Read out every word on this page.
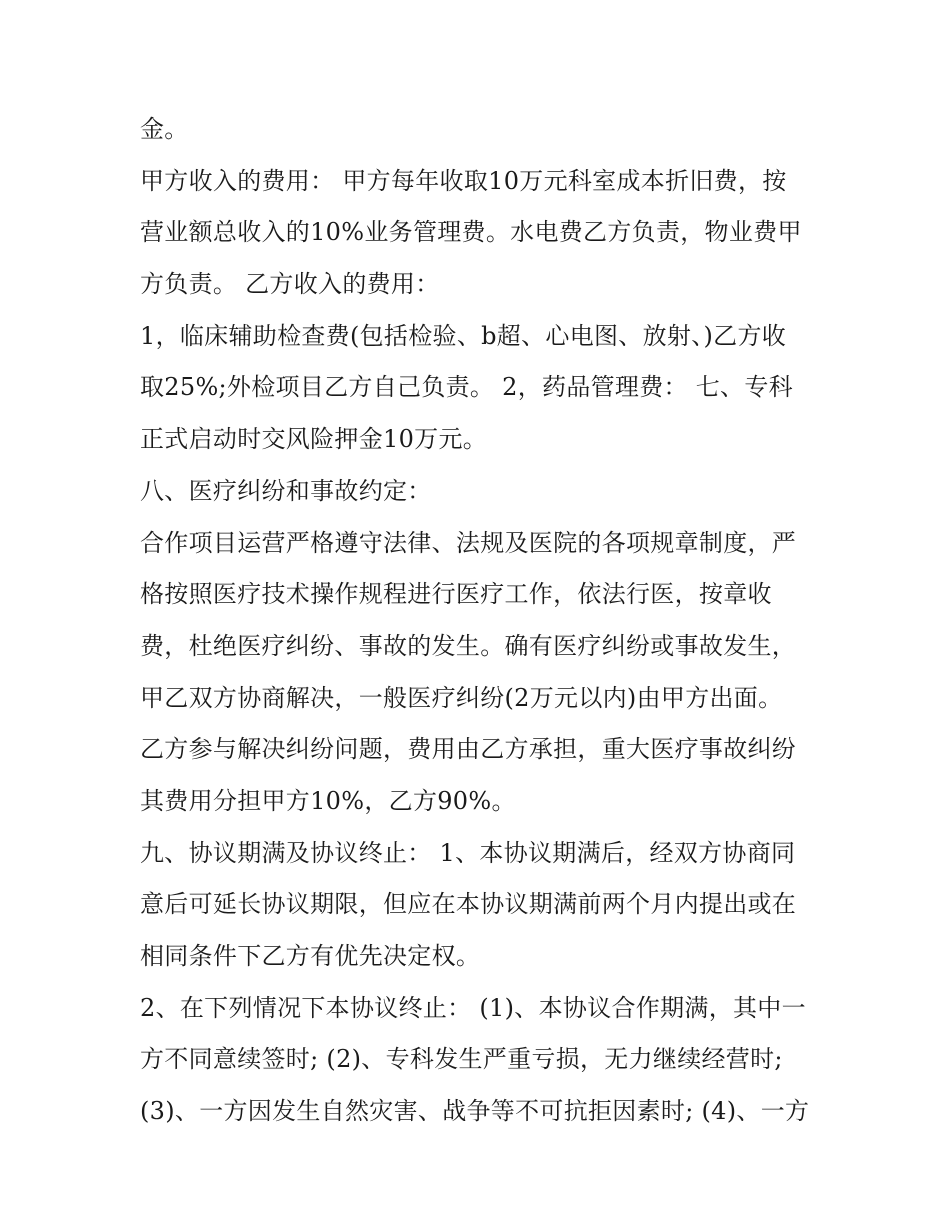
金。
甲方收入的费用： 甲方每年收取10万元科室成本折旧费，按
营业额总收入的10%业务管理费。水电费乙方负责，物业费甲
方负责。 乙方收入的费用：
1，临床辅助检查费(包括检验、b超、心电图、放射、)乙方收
取25%;外检项目乙方自己负责。 2，药品管理费： 七、专科
正式启动时交风险押金10万元。
八、医疗纠纷和事故约定：
合作项目运营严格遵守法律、法规及医院的各项规章制度，严
格按照医疗技术操作规程进行医疗工作，依法行医，按章收
费，杜绝医疗纠纷、事故的发生。确有医疗纠纷或事故发生，
甲乙双方协商解决，一般医疗纠纷(2万元以内)由甲方出面。
乙方参与解决纠纷问题，费用由乙方承担，重大医疗事故纠纷
其费用分担甲方10%，乙方90%。
九、协议期满及协议终止： 1、本协议期满后，经双方协商同
意后可延长协议期限，但应在本协议期满前两个月内提出或在
相同条件下乙方有优先决定权。
2、在下列情况下本协议终止： (1)、本协议合作期满，其中一
方不同意续签时; (2)、专科发生严重亏损，无力继续经营时;
(3)、一方因发生自然灾害、战争等不可抗拒因素时; (4)、一方
